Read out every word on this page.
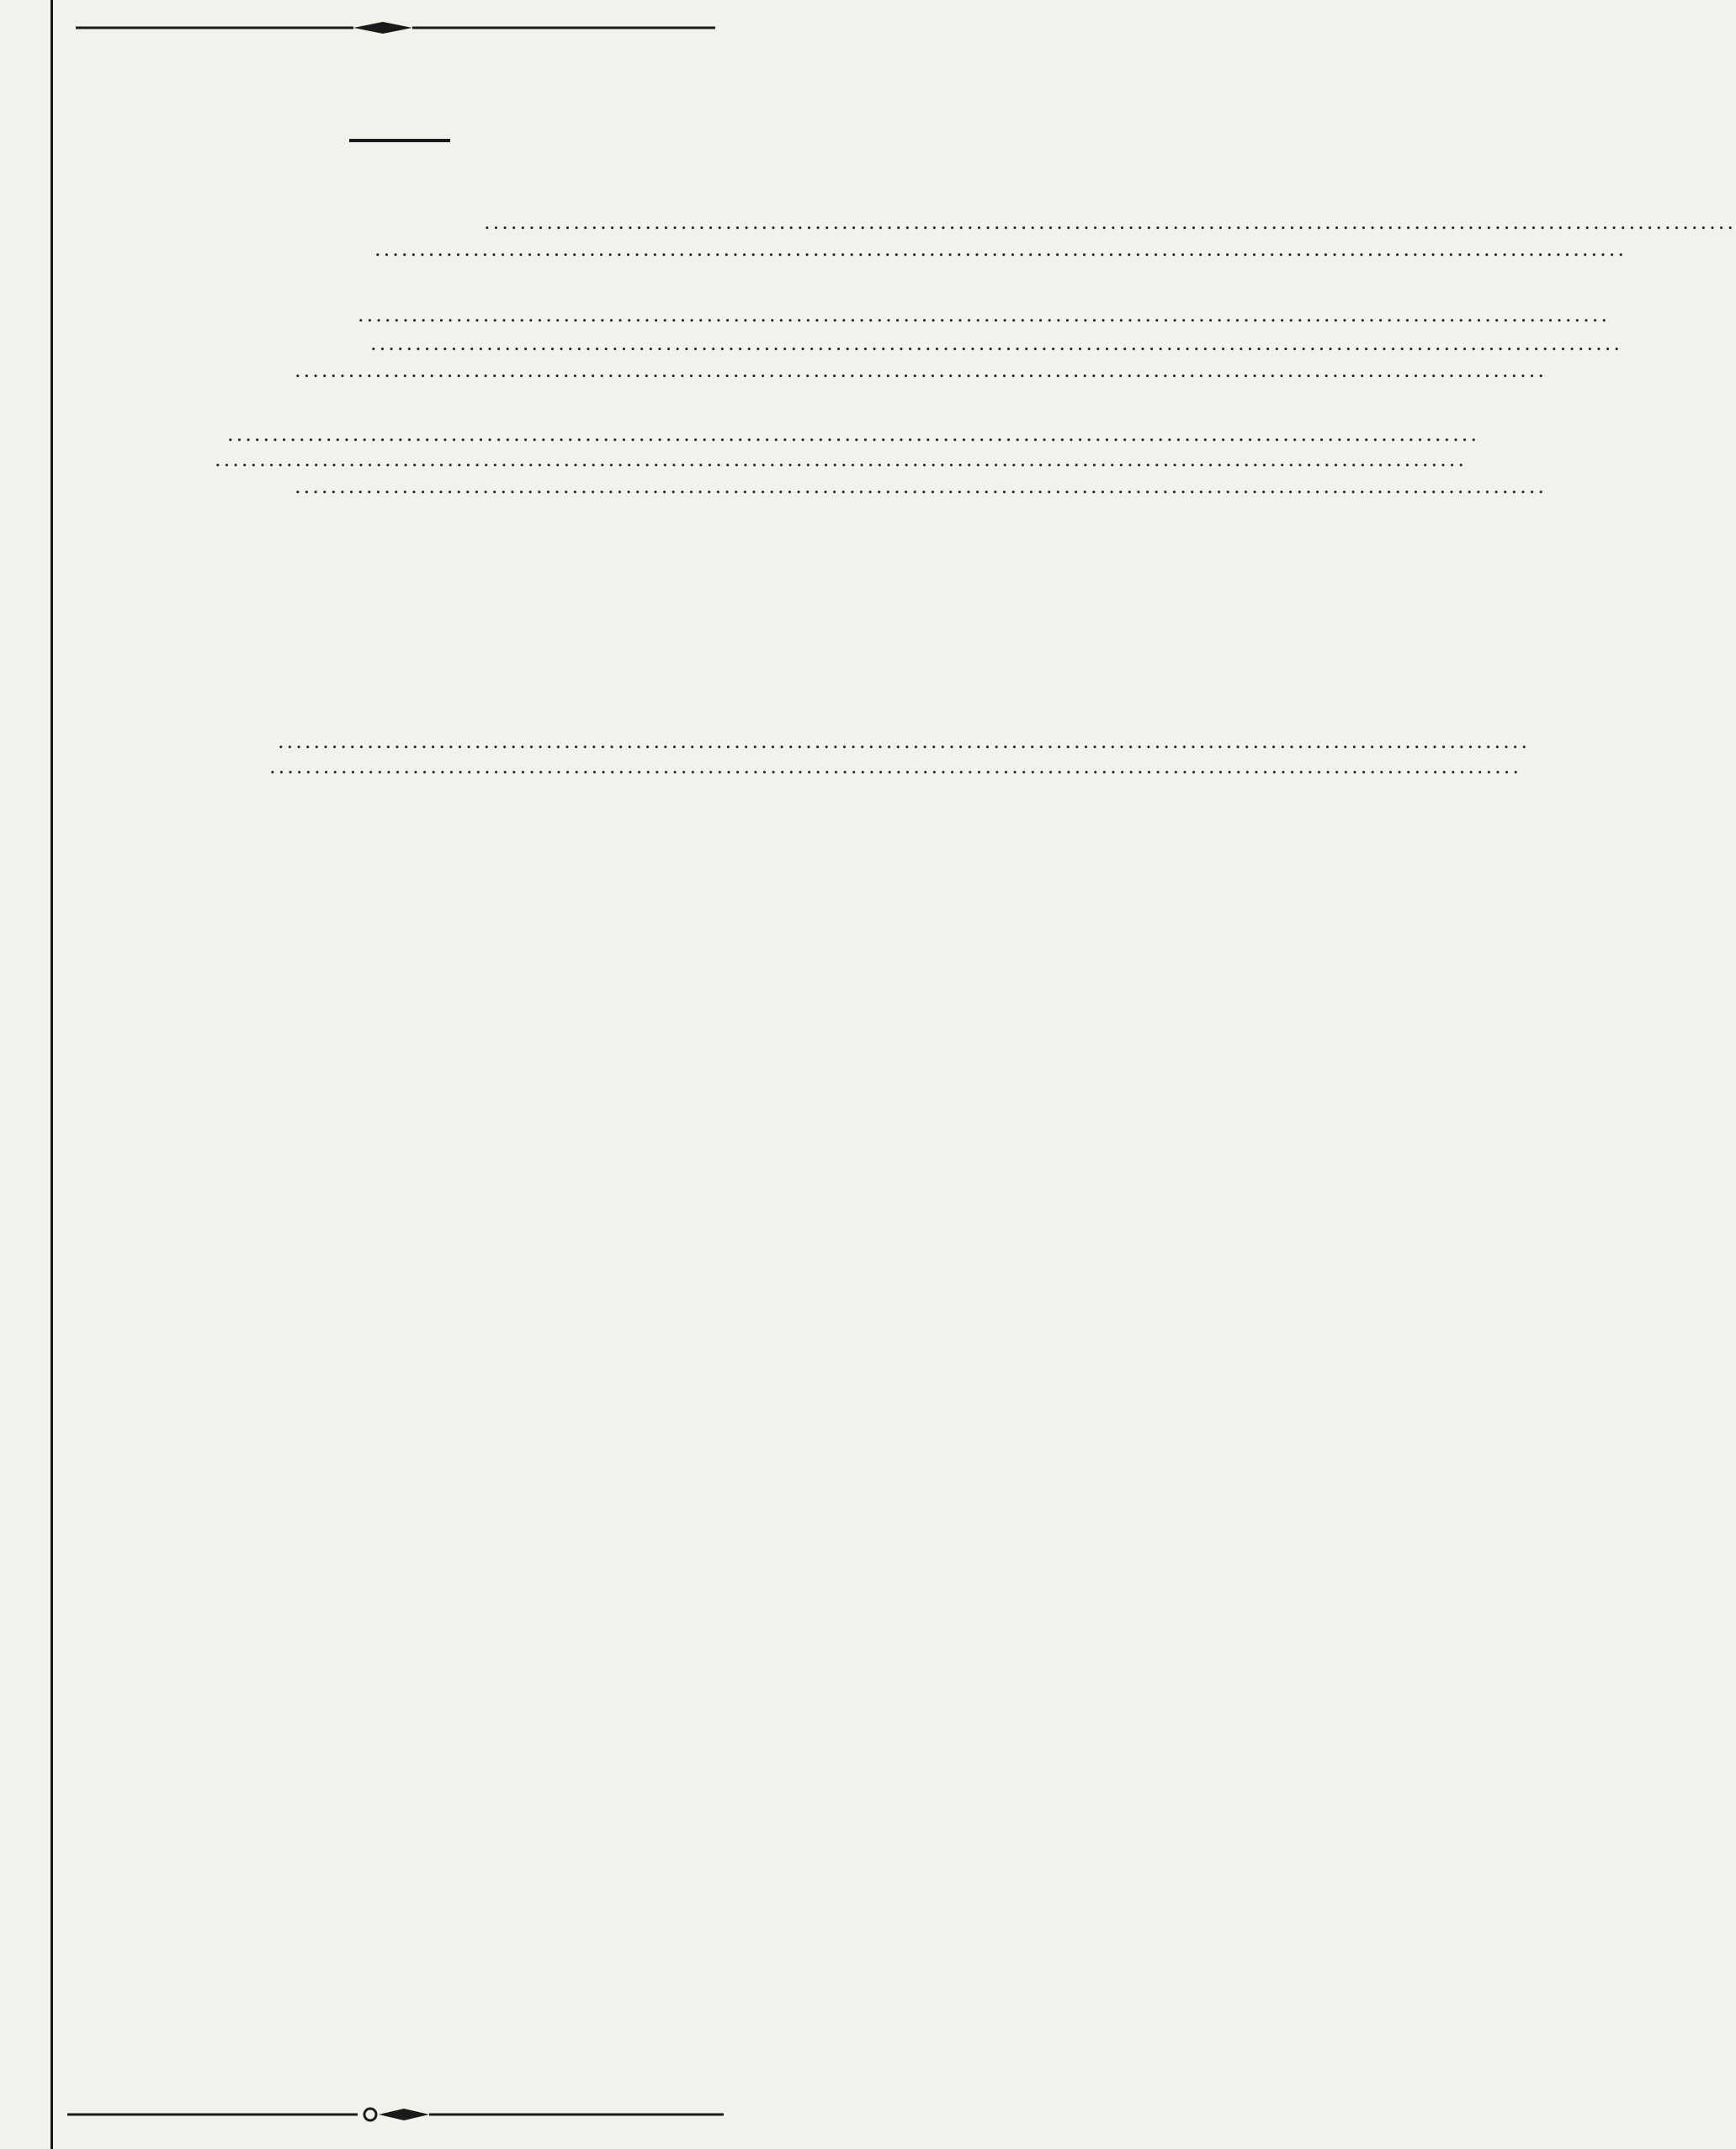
............................................................................................................................................
............................................................................................................................................
............................................................................................................................................
............................................................................................................................................
............................................................................................................................................
............................................................................................................................................
............................................................................................................................................
............................................................................................................................................
............................................................................................................................................
............................................................................................................................................
